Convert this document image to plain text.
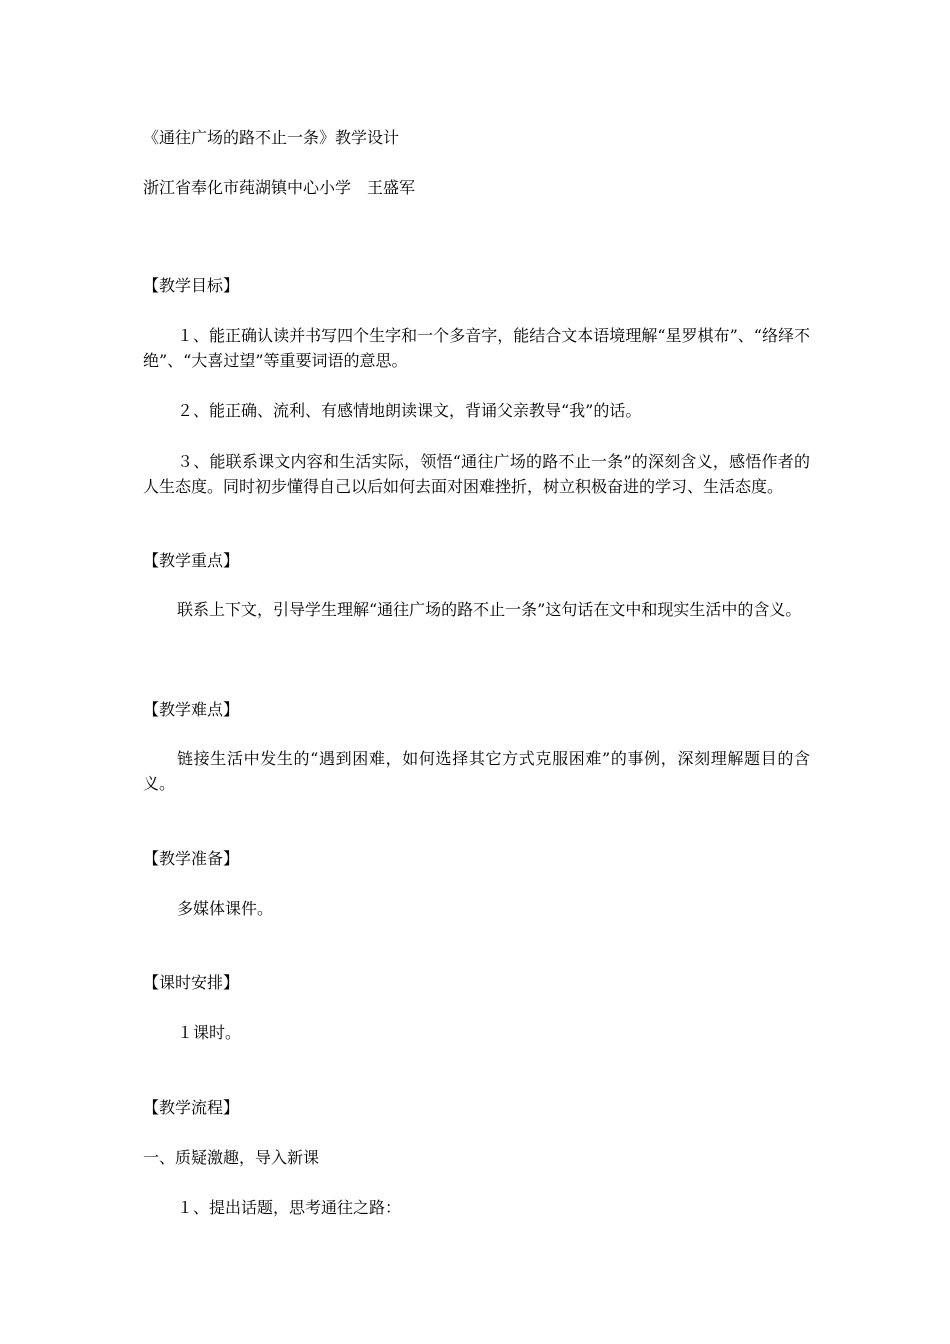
《通往广场的路不止一条》教学设计
浙江省奉化市莼湖镇中心小学　王盛军
【教学目标】
１、能正确认读并书写四个生字和一个多音字，能结合文本语境理解“星罗棋布”、“络绎不绝”、“大喜过望”等重要词语的意思。
２、能正确、流利、有感情地朗读课文，背诵父亲教导“我”的话。
３、能联系课文内容和生活实际，领悟“通往广场的路不止一条”的深刻含义，感悟作者的人生态度。同时初步懂得自己以后如何去面对困难挫折，树立积极奋进的学习、生活态度。
【教学重点】
联系上下文，引导学生理解“通往广场的路不止一条”这句话在文中和现实生活中的含义。
【教学难点】
链接生活中发生的“遇到困难，如何选择其它方式克服困难”的事例，深刻理解题目的含义。
【教学准备】
多媒体课件。
【课时安排】
１课时。
【教学流程】
一、质疑激趣，导入新课
１、提出话题，思考通往之路：
